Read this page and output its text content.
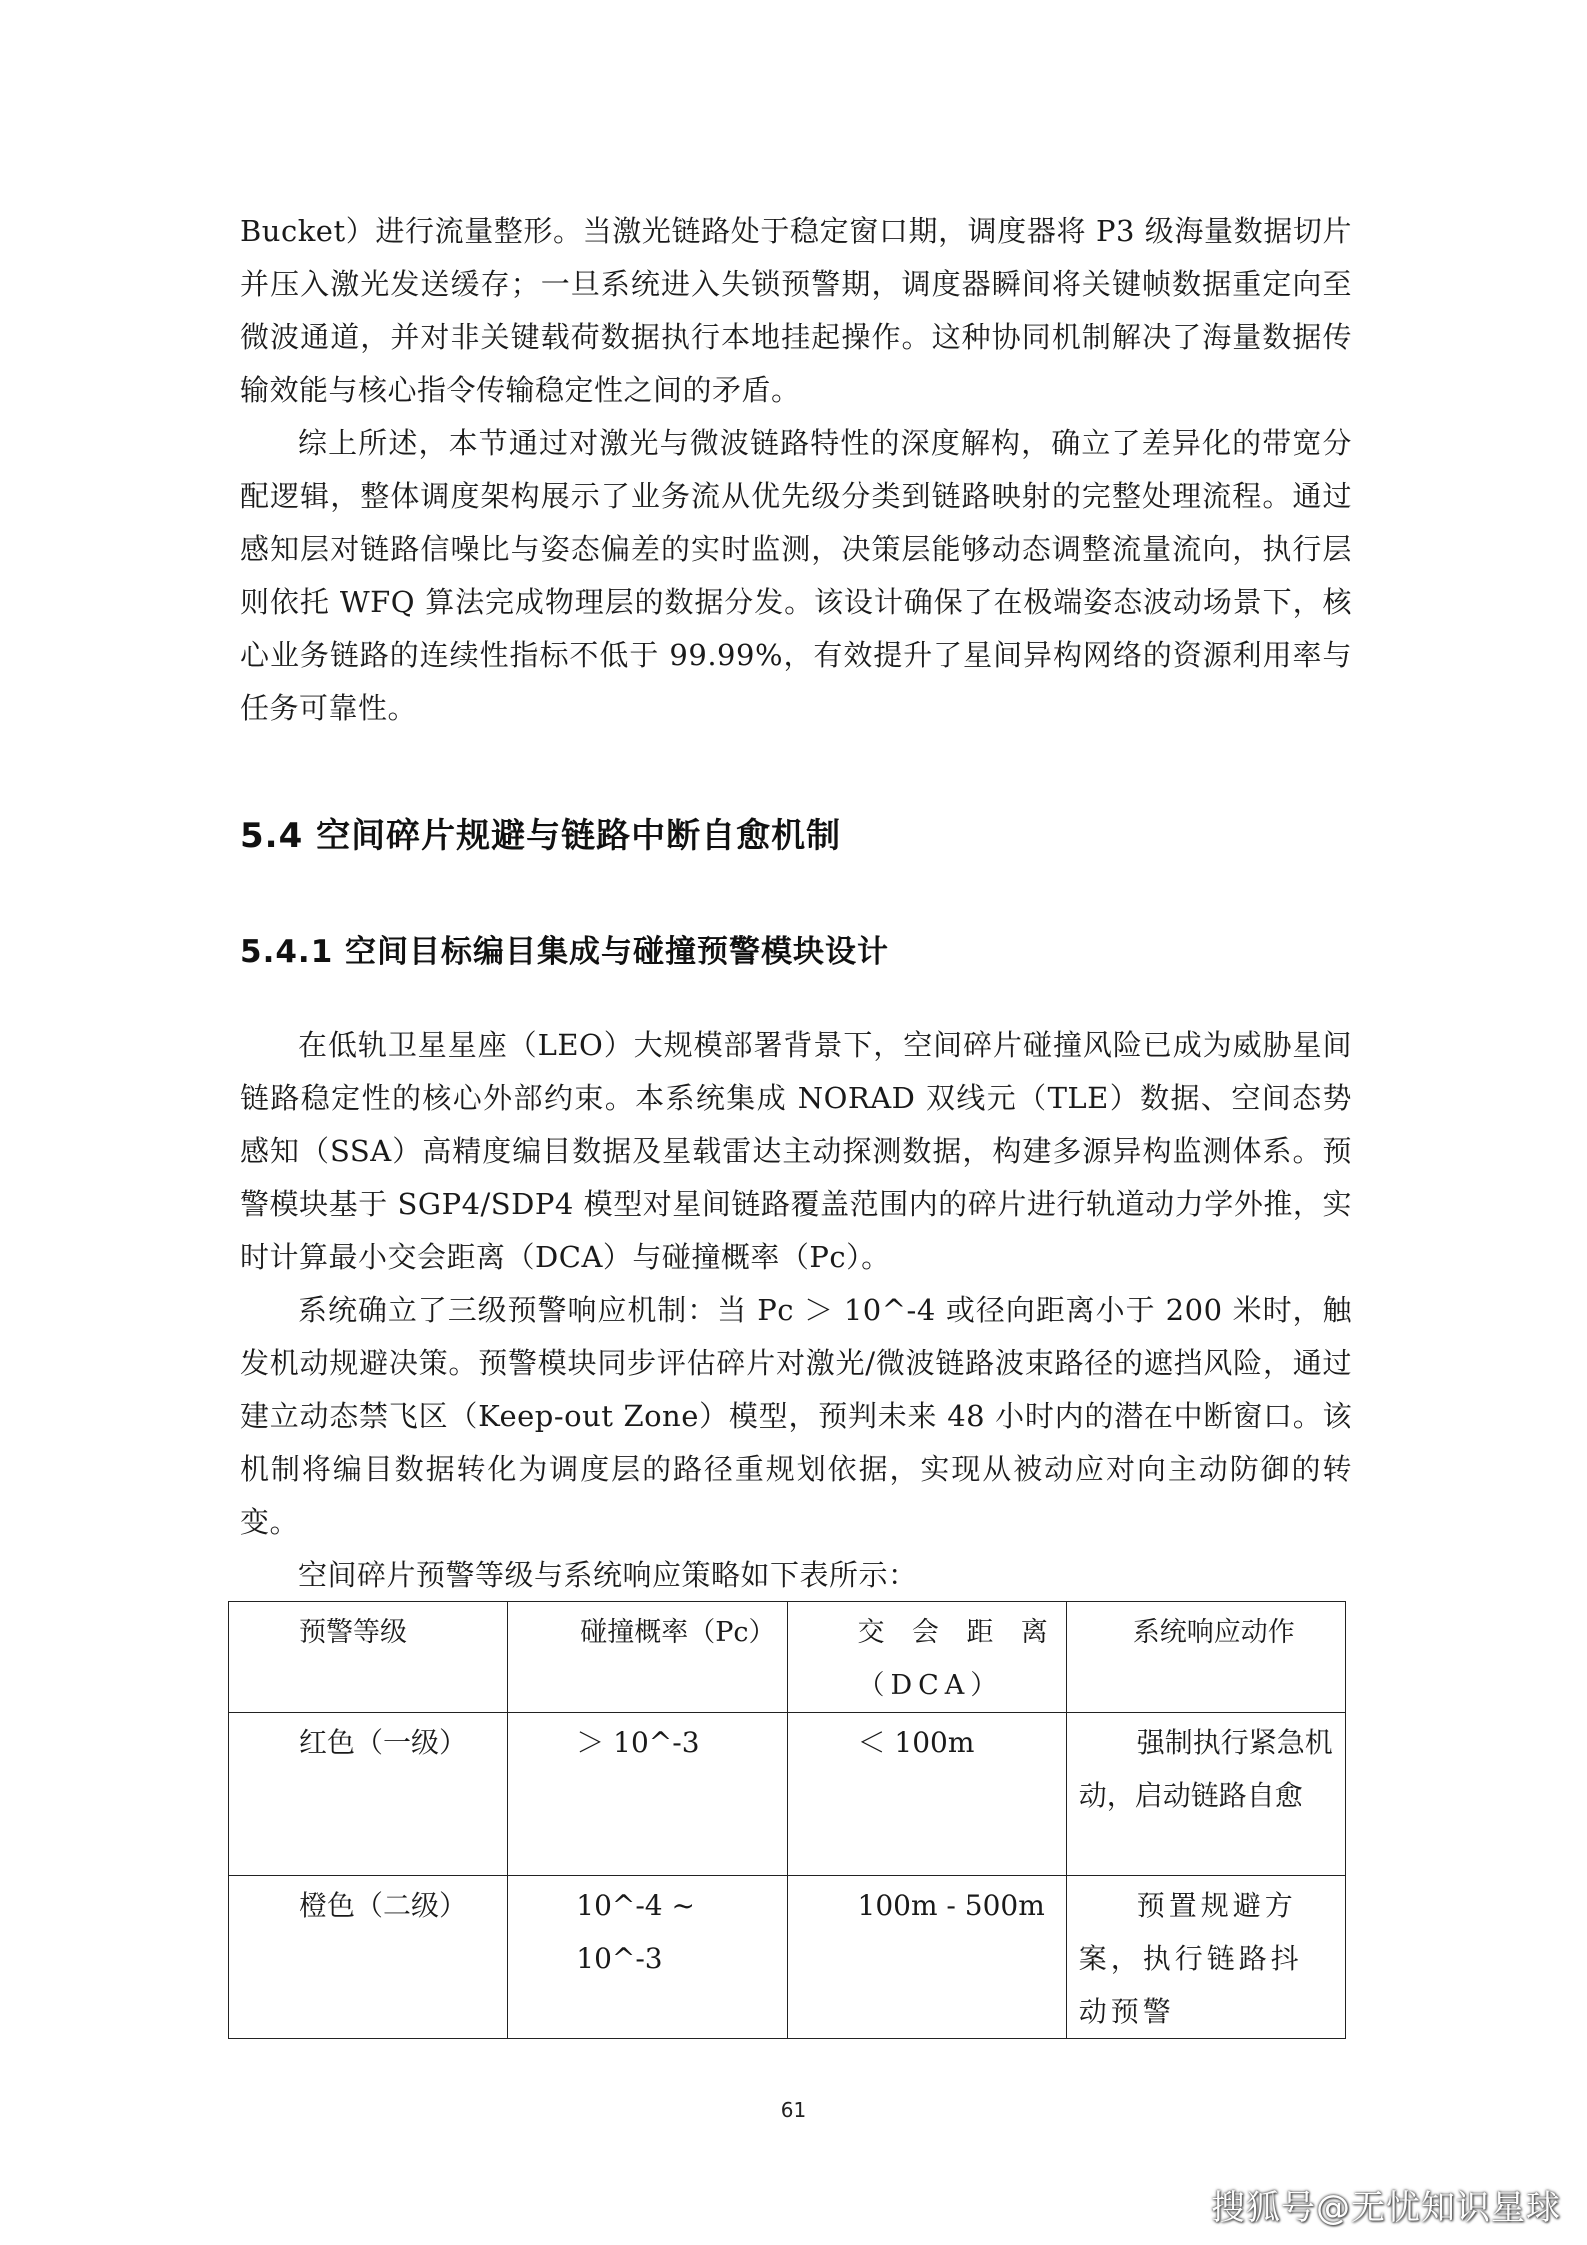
Bucket）进行流量整形。当激光链路处于稳定窗口期，调度器将 P3 级海量数据切片并压入激光发送缓存；一旦系统进入失锁预警期，调度器瞬间将关键帧数据重定向至微波通道，并对非关键载荷数据执行本地挂起操作。这种协同机制解决了海量数据传输效能与核心指令传输稳定性之间的矛盾。

综上所述，本节通过对激光与微波链路特性的深度解构，确立了差异化的带宽分配逻辑，整体调度架构展示了业务流从优先级分类到链路映射的完整处理流程。通过感知层对链路信噪比与姿态偏差的实时监测，决策层能够动态调整流量流向，执行层则依托 WFQ 算法完成物理层的数据分发。该设计确保了在极端姿态波动场景下，核心业务链路的连续性指标不低于 99.99%，有效提升了星间异构网络的资源利用率与任务可靠性。

5.4 空间碎片规避与链路中断自愈机制
5.4.1 空间目标编目集成与碰撞预警模块设计

在低轨卫星星座（LEO）大规模部署背景下，空间碎片碰撞风险已成为威胁星间链路稳定性的核心外部约束。本系统集成 NORAD 双线元（TLE）数据、空间态势感知（SSA）高精度编目数据及星载雷达主动探测数据，构建多源异构监测体系。预警模块基于 SGP4/SDP4 模型对星间链路覆盖范围内的碎片进行轨道动力学外推，实时计算最小交会距离（DCA）与碰撞概率（Pc）。

系统确立了三级预警响应机制：当 Pc ＞ 10^-4 或径向距离小于 200 米时，触发机动规避决策。预警模块同步评估碎片对激光/微波链路波束路径的遮挡风险，通过建立动态禁飞区（Keep-out Zone）模型，预判未来 48 小时内的潜在中断窗口。该机制将编目数据转化为调度层的路径重规划依据，实现从被动应对向主动防御的转变。

空间碎片预警等级与系统响应策略如下表所示：

预警等级	碰撞概率（Pc）	交 会 距 离（DCA）	系统响应动作

红色（一级）	＞ 10^-3	＜ 100m	强制执行紧急机动，启动链路自愈

橙色（二级）	10^-4 ~ 10^-3	100m - 500m	预置规避方案，执行链路抖动预警
61
搜狐号@无忧知识星球
